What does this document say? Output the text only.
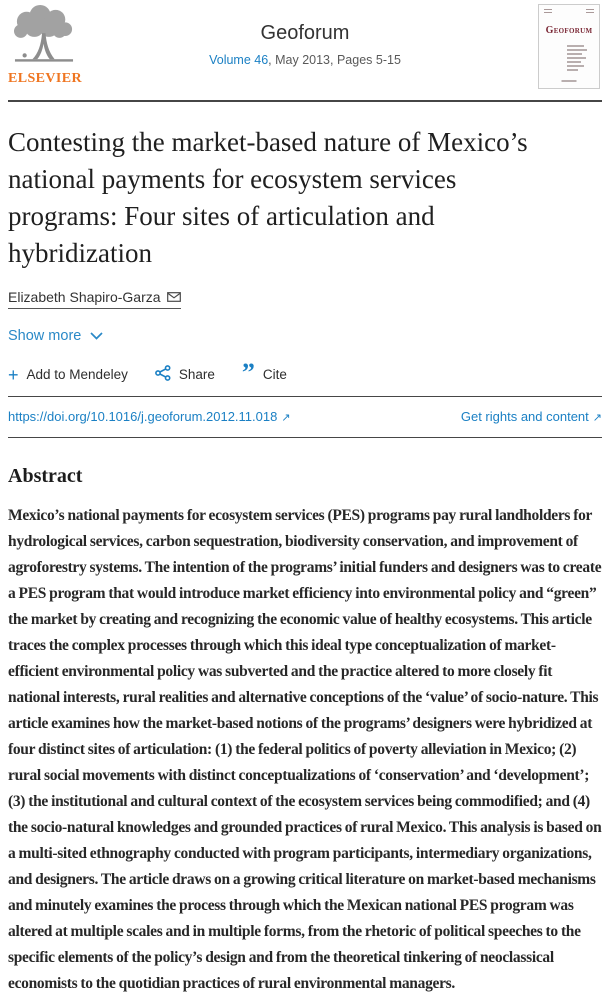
ELSEVIER
Geoforum
Volume 46, May 2013, Pages 5-15
Geoforum
Contesting the market-based nature of Mexico’s national payments for ecosystem services programs: Four sites of articulation and hybridization
Elizabeth Shapiro-Garza
Show more
+ Add to Mendeley	Share ” Cite
https://doi.org/10.1016/j.geoforum.2012.11.018 ↗	Get rights and content ↗
Abstract

Mexico’s national payments for ecosystem services (PES) programs pay rural landholders for hydrological services, carbon sequestration, biodiversity conservation, and improvement of agroforestry systems. The intention of the programs’ initial funders and designers was to create a PES program that would introduce market efficiency into environmental policy and “green” the market by creating and recognizing the economic value of healthy ecosystems. This article traces the complex processes through which this ideal type conceptualization of market-efficient environmental policy was subverted and the practice altered to more closely fit national interests, rural realities and alternative conceptions of the ‘value’ of socio-nature. This article examines how the market-based notions of the programs’ designers were hybridized at four distinct sites of articulation: (1) the federal politics of poverty alleviation in Mexico; (2) rural social movements with distinct conceptualizations of ‘conservation’ and ‘development’; (3) the institutional and cultural context of the ecosystem services being commodified; and (4) the socio-natural knowledges and grounded practices of rural Mexico. This analysis is based on a multi-sited ethnography conducted with program participants, intermediary organizations, and designers. The article draws on a growing critical literature on market-based mechanisms and minutely examines the process through which the Mexican national PES program was altered at multiple scales and in multiple forms, from the rhetoric of political speeches to the specific elements of the policy’s design and from the theoretical tinkering of neoclassical economists to the quotidian practices of rural environmental managers.
